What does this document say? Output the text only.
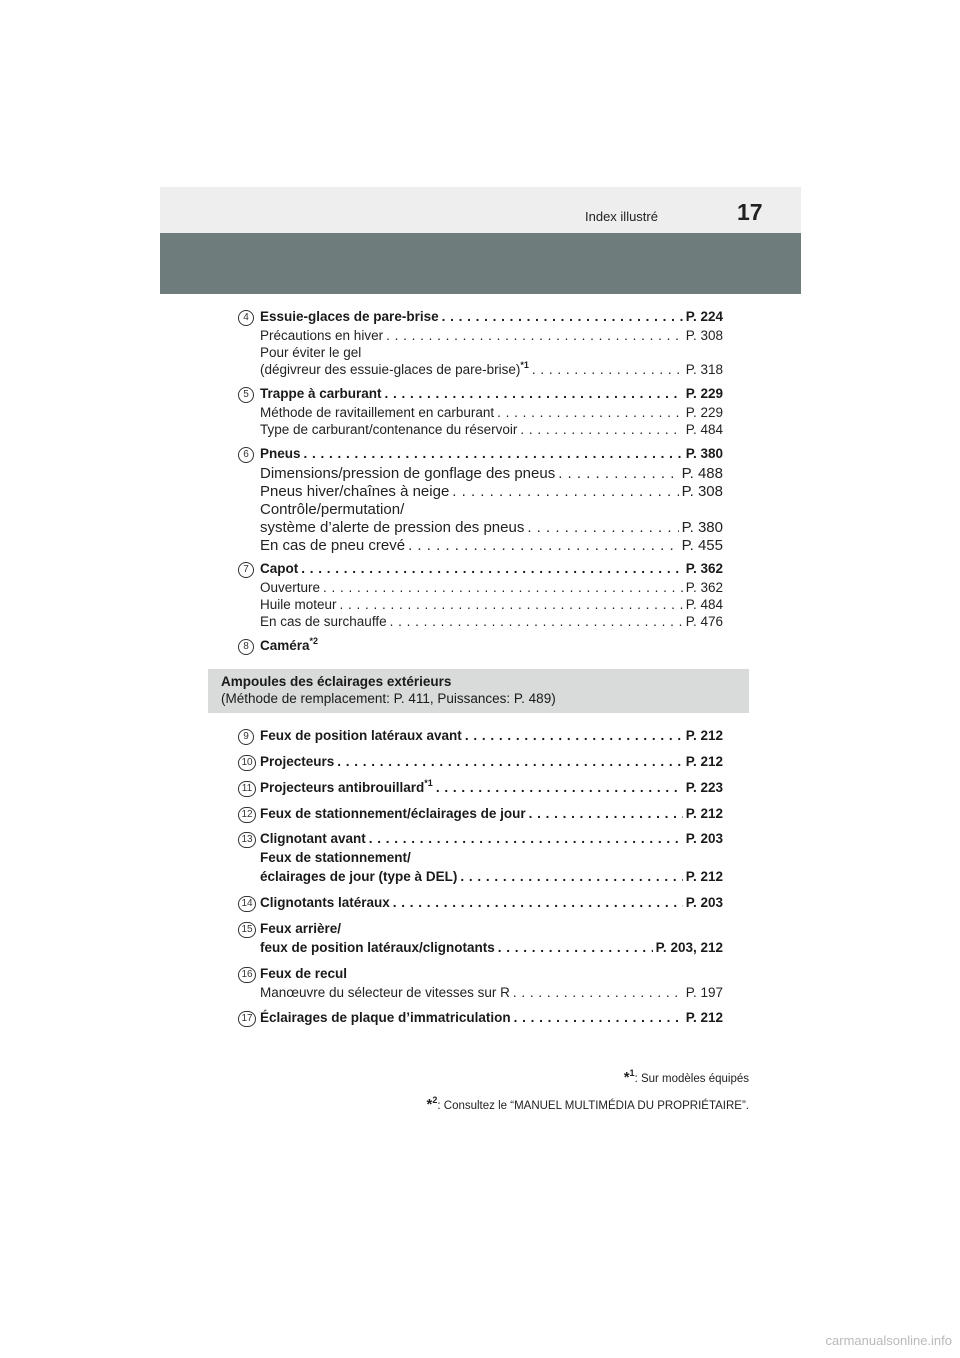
Index illustré	17
4 Essuie-glaces de pare-brise . . .	P. 224
Précautions en hiver . . .	P. 308
Pour éviter le gel
(dégivreur des essuie-glaces de pare-brise)$^{*1}$ . . .	P. 318
5 Trappe à carburant . . .	P. 229
Méthode de ravitaillement en carburant . . .	P. 229
Type de carburant/contenance du réservoir . . .	P. 484
6 Pneus . . .	P. 380
Dimensions/pression de gonflage des pneus . . .	P. 488
Pneus hiver/chaînes à neige . . .	P. 308
Contrôle/permutation/
système d’alerte de pression des pneus . . .	P. 380
En cas de pneu crevé . . .	P. 455
7 Capot . . .	P. 362
Ouverture . . .	P. 362
Huile moteur . . .	P. 484
En cas de surchauffe . . .	P. 476
8 Caméra$^{*2}$
Ampoules des éclairages extérieurs
(Méthode de remplacement: P. 411, Puissances: P. 489)
9 Feux de position latéraux avant . . .	P. 212
10 Projecteurs . . .	P. 212
11 Projecteurs antibrouillard$^{*1}$ . . .	P. 223
12 Feux de stationnement/éclairages de jour . . .	P. 212
13 Clignotant avant . . .	P. 203
Feux de stationnement/
éclairages de jour (type à DEL) . . .	P. 212
14 Clignotants latéraux . . .	P. 203
15 Feux arrière/
feux de position latéraux/clignotants . . .	P. 203, 212
16 Feux de recul
Manœuvre du sélecteur de vitesses sur R . . .	P. 197
17 Éclairages de plaque d’immatriculation . . .	P. 212
*$^1$: Sur modèles équipés
*$^2$: Consultez le “MANUEL MULTIMÉDIA DU PROPRIÉTAIRE”.
carmanualsonline.info
